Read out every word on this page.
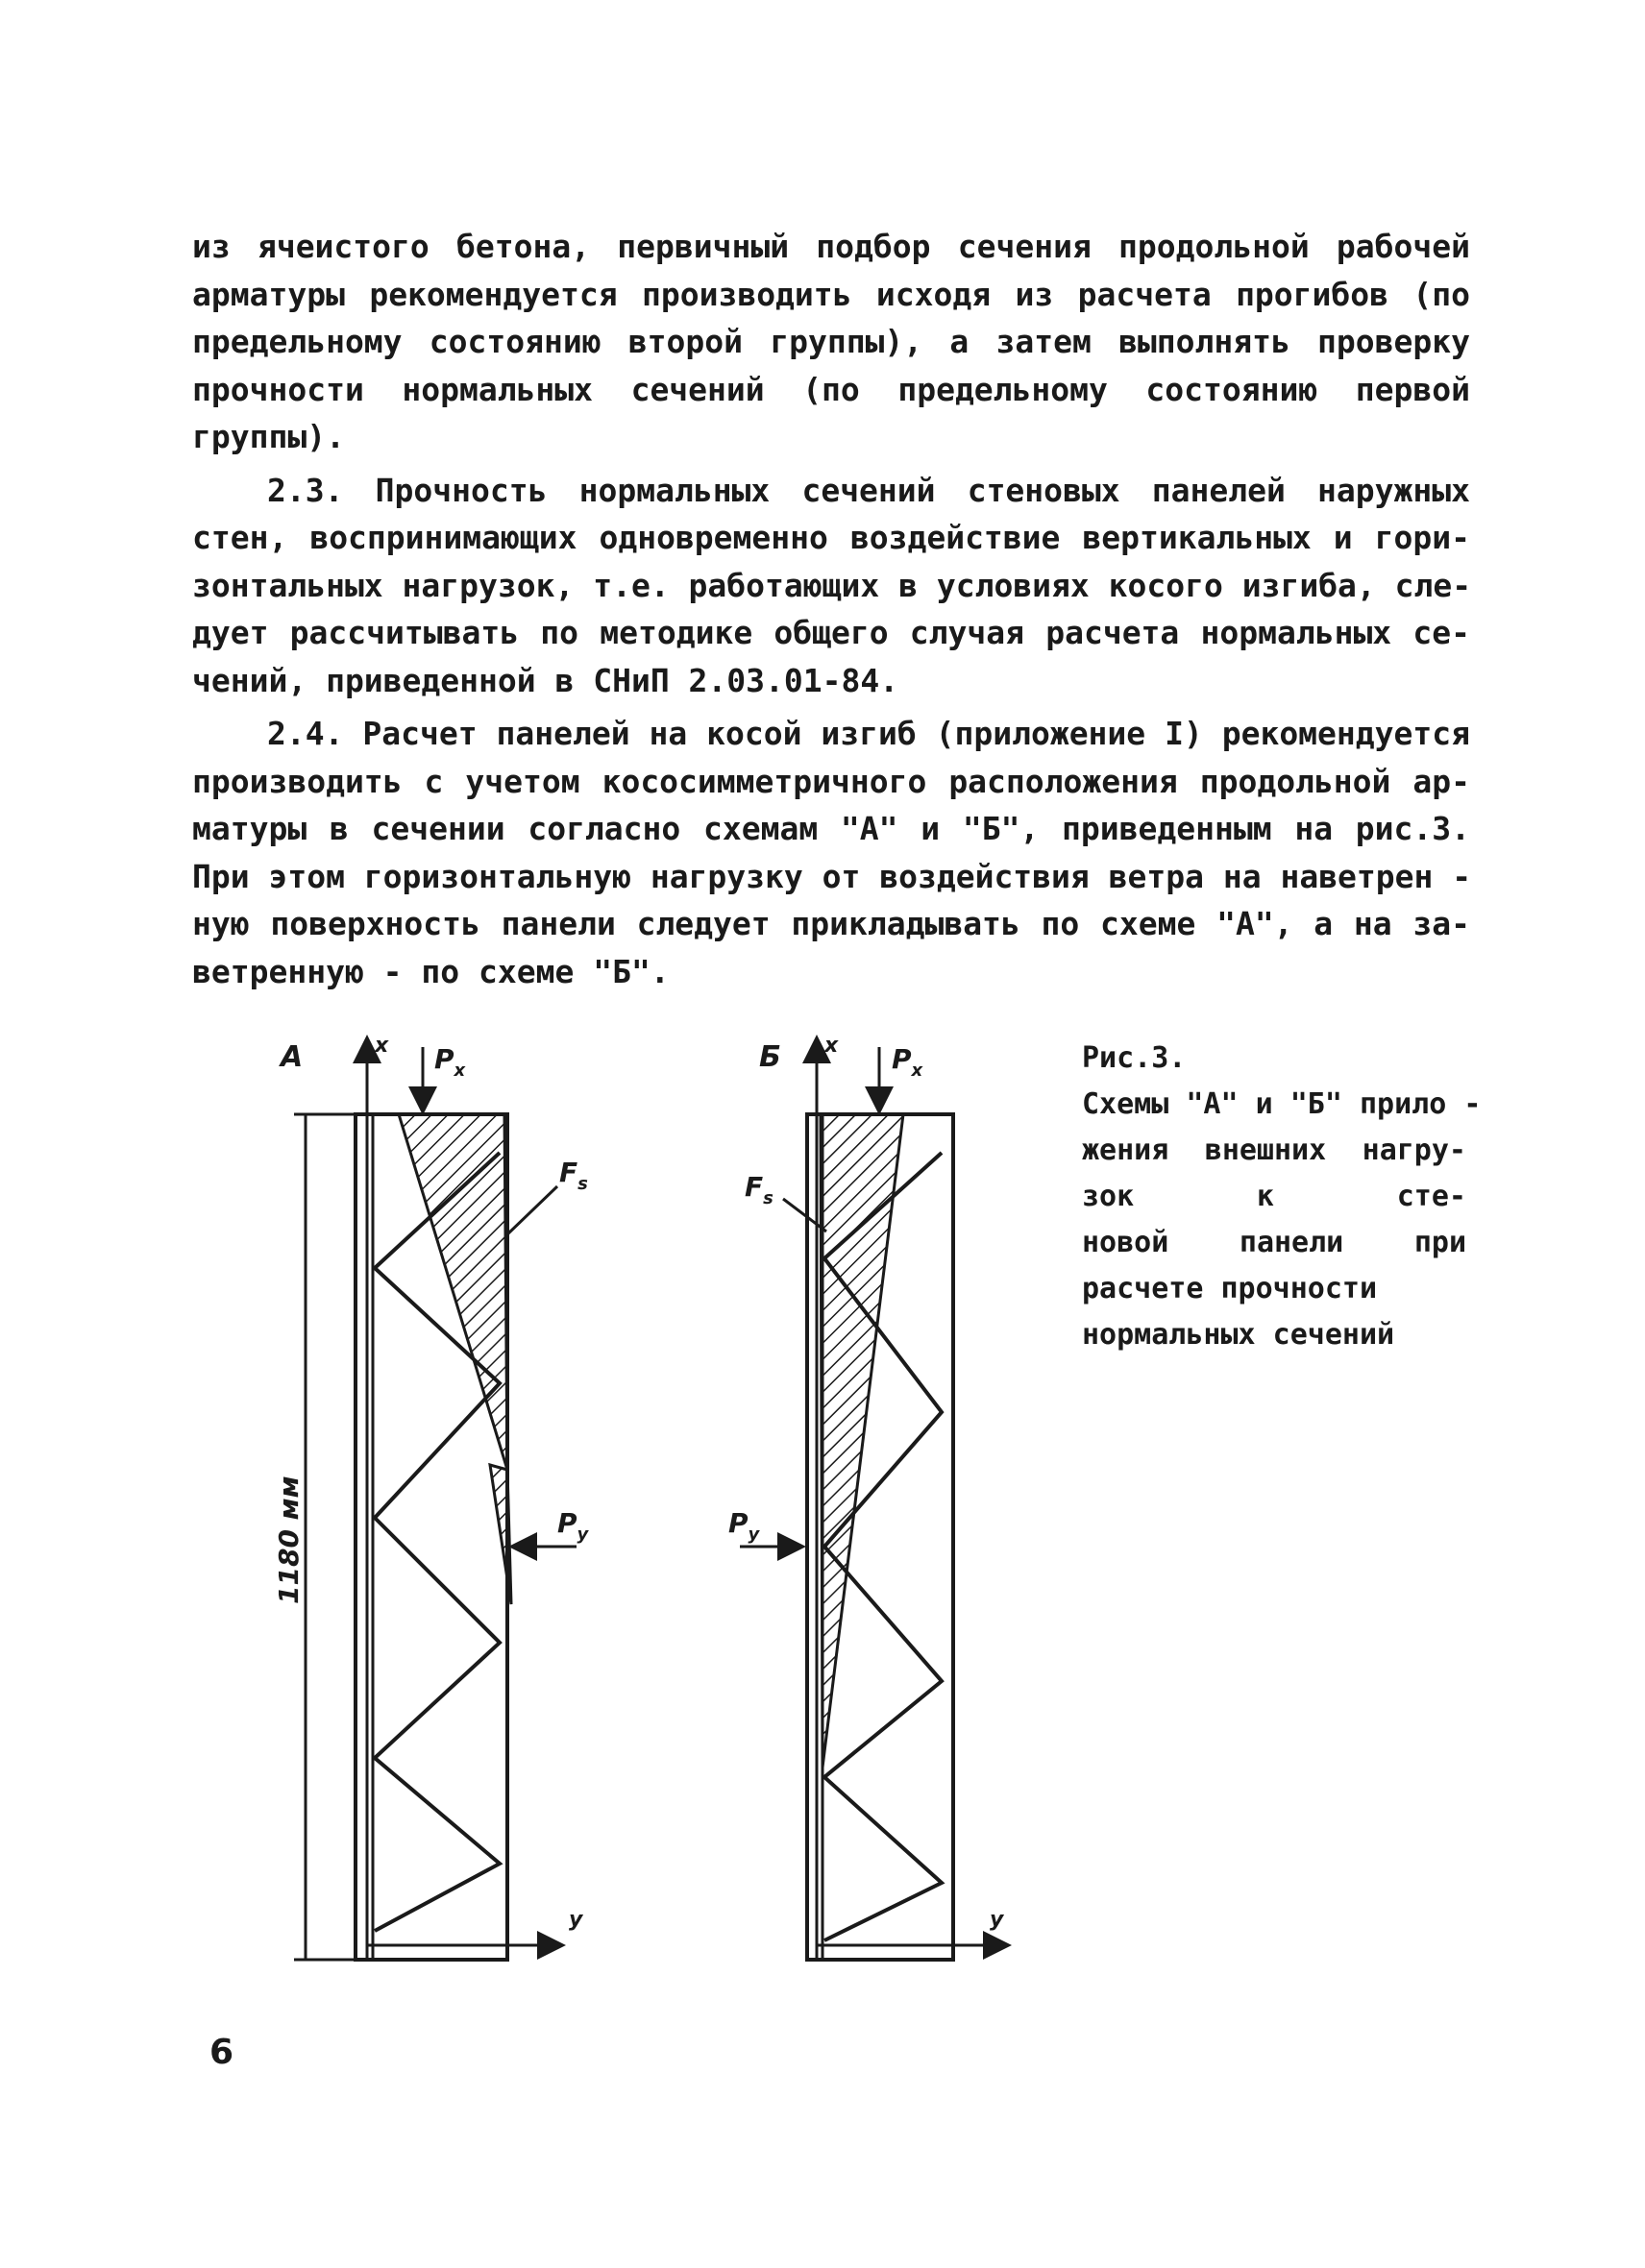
из ячеистого бетона, первичный подбор сечения продольной рабочей
арматуры рекомендуется производить исходя из расчета прогибов (по
предельному состоянию второй группы), а затем выполнять проверку
прочности нормальных сечений (по предельному состоянию первой
группы).
2.3. Прочность нормальных сечений стеновых панелей наружных
стен, воспринимающих одновременно воздействие вертикальных и гори-
зонтальных нагрузок, т.е. работающих в условиях косого изгиба, сле-
дует рассчитывать по методике общего случая расчета нормальных се-
чений, приведенной в СНиП 2.03.01-84.
2.4. Расчет панелей на косой изгиб (приложение I) рекомендуется
производить с учетом кососимметричного расположения продольной ар-
матуры в сечении согласно схемам "А" и "Б", приведенным на рис.3.
При этом горизонтальную нагрузку от воздействия ветра на наветрен -
ную поверхность панели следует прикладывать по схеме "А", а на за-
ветренную - по схеме "Б".
А
1180 мм
x
y
$P_x$
$F_s$
$P_y$
Б x
y
$P_x$
$F_s$
$P_y$
Рис.3.
Схемы "А" и "Б" прило -
жения внешних нагру-
зок к сте-
новой панели при
расчете прочности
нормальных сечений
6
